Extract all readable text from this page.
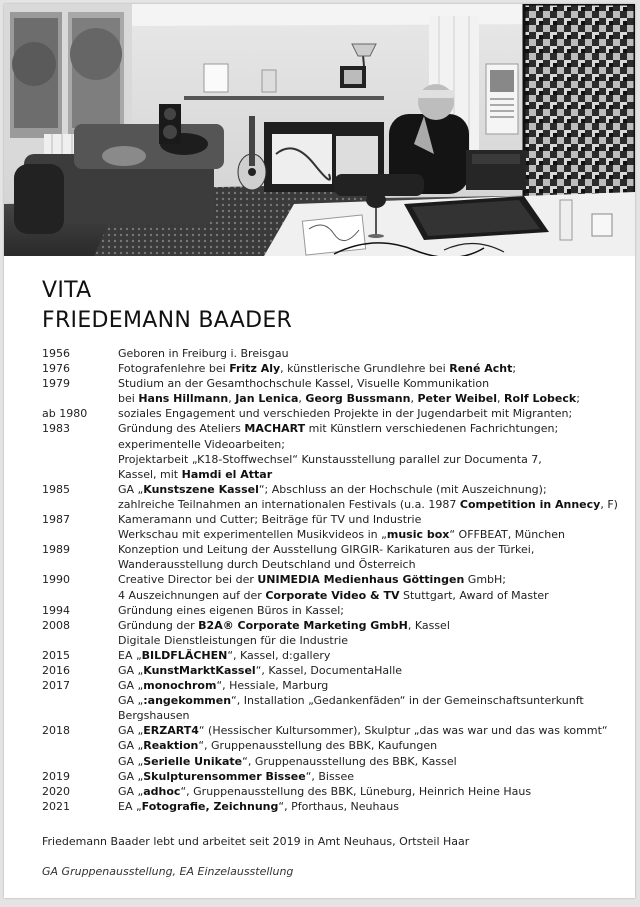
VITA
FRIEDEMANN BAADER
1956	Geboren in Freiburg i. Breisgau
1976	Fotografenlehre bei Fritz Aly, künstlerische Grundlehre bei René Acht;
1979	Studium an der Gesamthochschule Kassel, Visuelle Kommunikation
bei Hans Hillmann, Jan Lenica, Georg Bussmann, Peter Weibel, Rolf Lobeck;
ab 1980	soziales Engagement und verschieden Projekte in der Jugendarbeit mit Migranten;
1983	Gründung des Ateliers MACHART mit Künstlern verschiedenen Fachrichtungen;
experimentelle Videoarbeiten;
Projektarbeit „K18-Stoffwechsel“ Kunstausstellung parallel zur Documenta 7,
Kassel, mit Hamdi el Attar
1985	GA „Kunstszene Kassel“; Abschluss an der Hochschule (mit Auszeichnung);
zahlreiche Teilnahmen an internationalen Festivals (u.a. 1987 Competition in Annecy, F)
1987	Kameramann und Cutter; Beiträge für TV und Industrie
Werkschau mit experimentellen Musikvideos in „music box“ OFFBEAT, München
1989	Konzeption und Leitung der Ausstellung GIRGIR- Karikaturen aus der Türkei,
Wanderausstellung durch Deutschland und Österreich
1990	Creative Director bei der UNIMEDIA Medienhaus Göttingen GmbH;
4 Auszeichnungen auf der Corporate Video & TV Stuttgart, Award of Master
1994	Gründung eines eigenen Büros in Kassel;
2008	Gründung der B2A® Corporate Marketing GmbH, Kassel
Digitale Dienstleistungen für die Industrie
2015	EA „BILDFLÄCHEN“, Kassel, d:gallery
2016	GA „KunstMarktKassel“, Kassel, DocumentaHalle
2017	GA „monochrom“, Hessiale, Marburg
GA „:angekommen“, Installation „Gedankenfäden“ in der Gemeinschaftsunterkunft
Bergshausen
2018	GA „ERZART4“ (Hessischer Kultursommer), Skulptur „das was war und das was kommt“
GA „Reaktion“, Gruppenausstellung des BBK, Kaufungen
GA „Serielle Unikate“, Gruppenausstellung des BBK, Kassel
2019	GA „Skulpturensommer Bissee“, Bissee
2020	GA „adhoc“, Gruppenausstellung des BBK, Lüneburg, Heinrich Heine Haus
2021	EA „Fotografie, Zeichnung“, Pforthaus, Neuhaus
Friedemann Baader lebt und arbeitet seit 2019 in Amt Neuhaus, Ortsteil Haar
GA Gruppenausstellung, EA Einzelausstellung
